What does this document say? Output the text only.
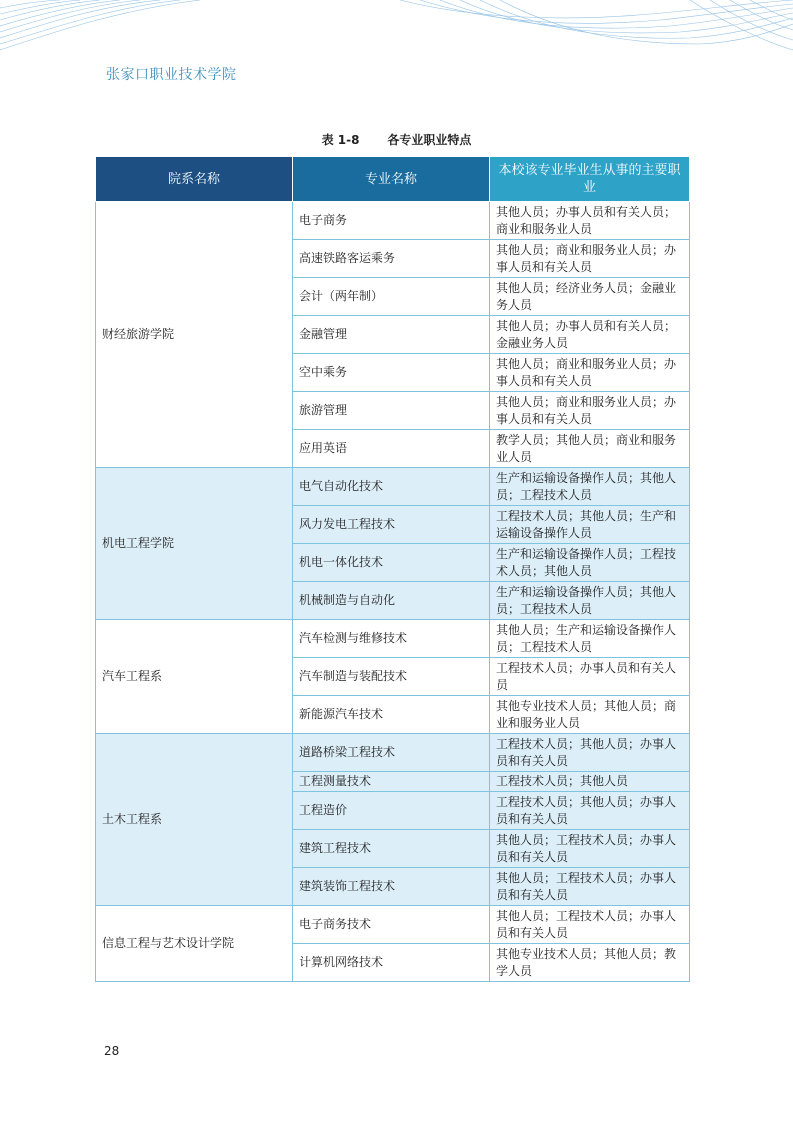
张家口职业技术学院
表 1-8 各专业职业特点
院系名称	专业名称	本校该专业毕业生从事的主要职业
财经旅游学院	电子商务	其他人员；办事人员和有关人员；商业和服务业人员
	高速铁路客运乘务	其他人员；商业和服务业人员；办事人员和有关人员
	会计（两年制）	其他人员；经济业务人员；金融业务人员
	金融管理	其他人员；办事人员和有关人员；金融业务人员
	空中乘务	其他人员；商业和服务业人员；办事人员和有关人员
	旅游管理	其他人员；商业和服务业人员；办事人员和有关人员
	应用英语	教学人员；其他人员；商业和服务业人员
机电工程学院	电气自动化技术	生产和运输设备操作人员；其他人员；工程技术人员
	风力发电工程技术	工程技术人员；其他人员；生产和运输设备操作人员
	机电一体化技术	生产和运输设备操作人员；工程技术人员；其他人员
	机械制造与自动化	生产和运输设备操作人员；其他人员；工程技术人员
汽车工程系	汽车检测与维修技术	其他人员；生产和运输设备操作人员；工程技术人员
	汽车制造与装配技术	工程技术人员；办事人员和有关人员
	新能源汽车技术	其他专业技术人员；其他人员；商业和服务业人员
土木工程系	道路桥梁工程技术	工程技术人员；其他人员；办事人员和有关人员
	工程测量技术	工程技术人员；其他人员
	工程造价	工程技术人员；其他人员；办事人员和有关人员
	建筑工程技术	其他人员；工程技术人员；办事人员和有关人员
	建筑装饰工程技术	其他人员；工程技术人员；办事人员和有关人员
信息工程与艺术设计学院	电子商务技术	其他人员；工程技术人员；办事人员和有关人员
	计算机网络技术	其他专业技术人员；其他人员；教学人员
28
